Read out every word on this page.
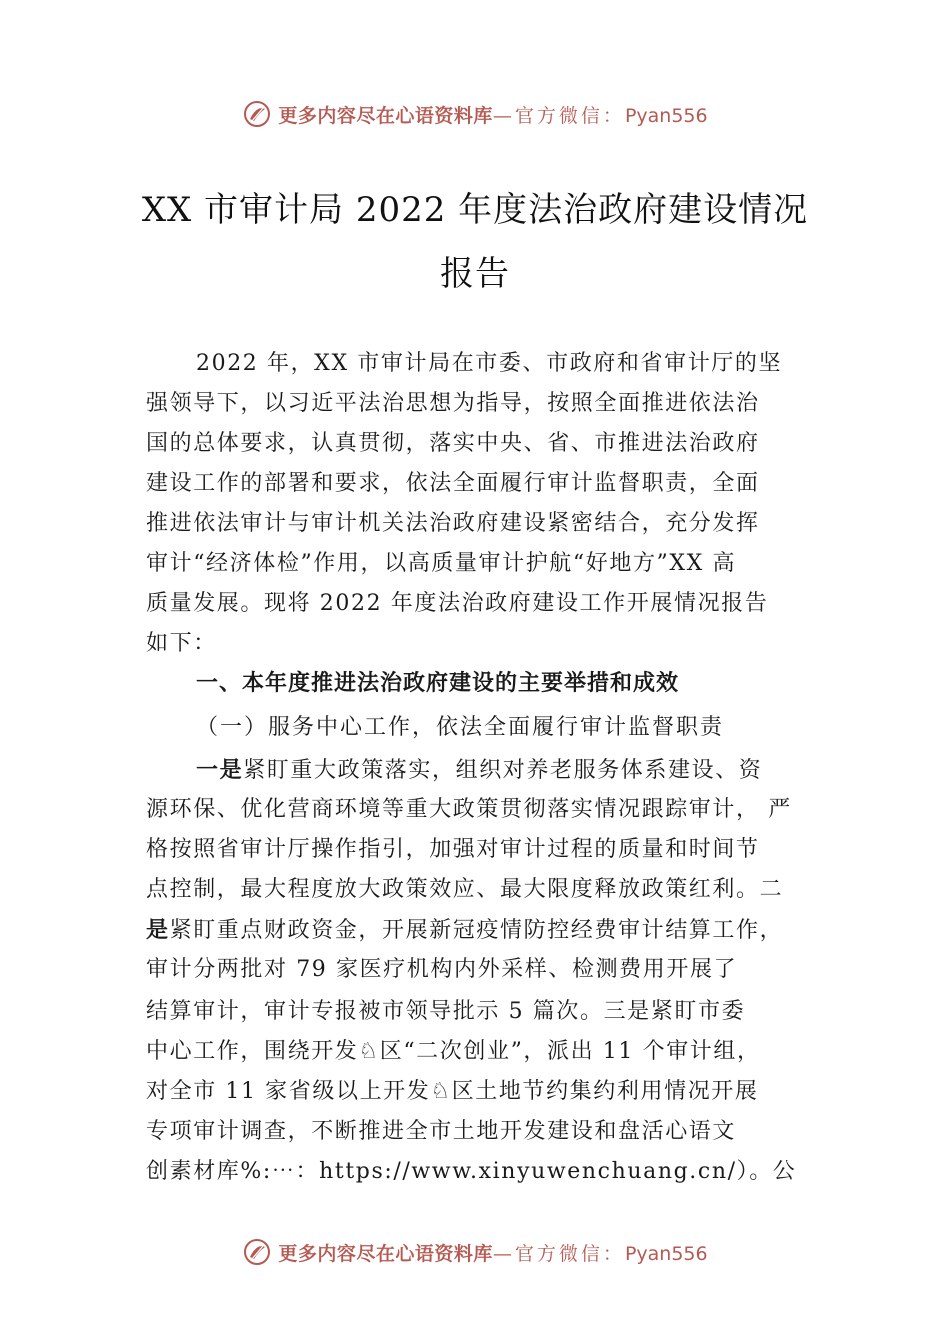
更多内容尽在心语资料库—官方微信：Pyan556
XX 市审计局 2022 年度法治政府建设情况
报告
2022 年，XX 市审计局在市委、市政府和省审计厅的坚
强领导下，以习近平法治思想为指导，按照全面推进依法治
国的总体要求，认真贯彻，落实中央、省、市推进法治政府
建设工作的部署和要求，依法全面履行审计监督职责，全面
推进依法审计与审计机关法治政府建设紧密结合，充分发挥
审计“经济体检”作用，以高质量审计护航“好地方”XX 高
质量发展。现将 2022 年度法治政府建设工作开展情况报告
如下：
一、本年度推进法治政府建设的主要举措和成效
（一）服务中心工作，依法全面履行审计监督职责
一是紧盯重大政策落实，组织对养老服务体系建设、资
源环保、优化营商环境等重大政策贯彻落实情况跟踪审计， 严
格按照省审计厅操作指引，加强对审计过程的质量和时间节
点控制，最大程度放大政策效应、最大限度释放政策红利。二
是紧盯重点财政资金，开展新冠疫情防控经费审计结算工作，
审计分两批对 79 家医疗机构内外采样、检测费用开展了
结算审计，审计专报被市领导批示 5 篇次。三是紧盯市委
中心工作，围绕开发♘区“二次创业”，派出 11 个审计组，
对全市 11 家省级以上开发♘区土地节约集约利用情况开展
专项审计调查，不断推进全市土地开发建设和盘活心语文
创素材库%:⋯：https://www.xinyuwenchuang.cn/）。公
更多内容尽在心语资料库—官方微信：Pyan556
